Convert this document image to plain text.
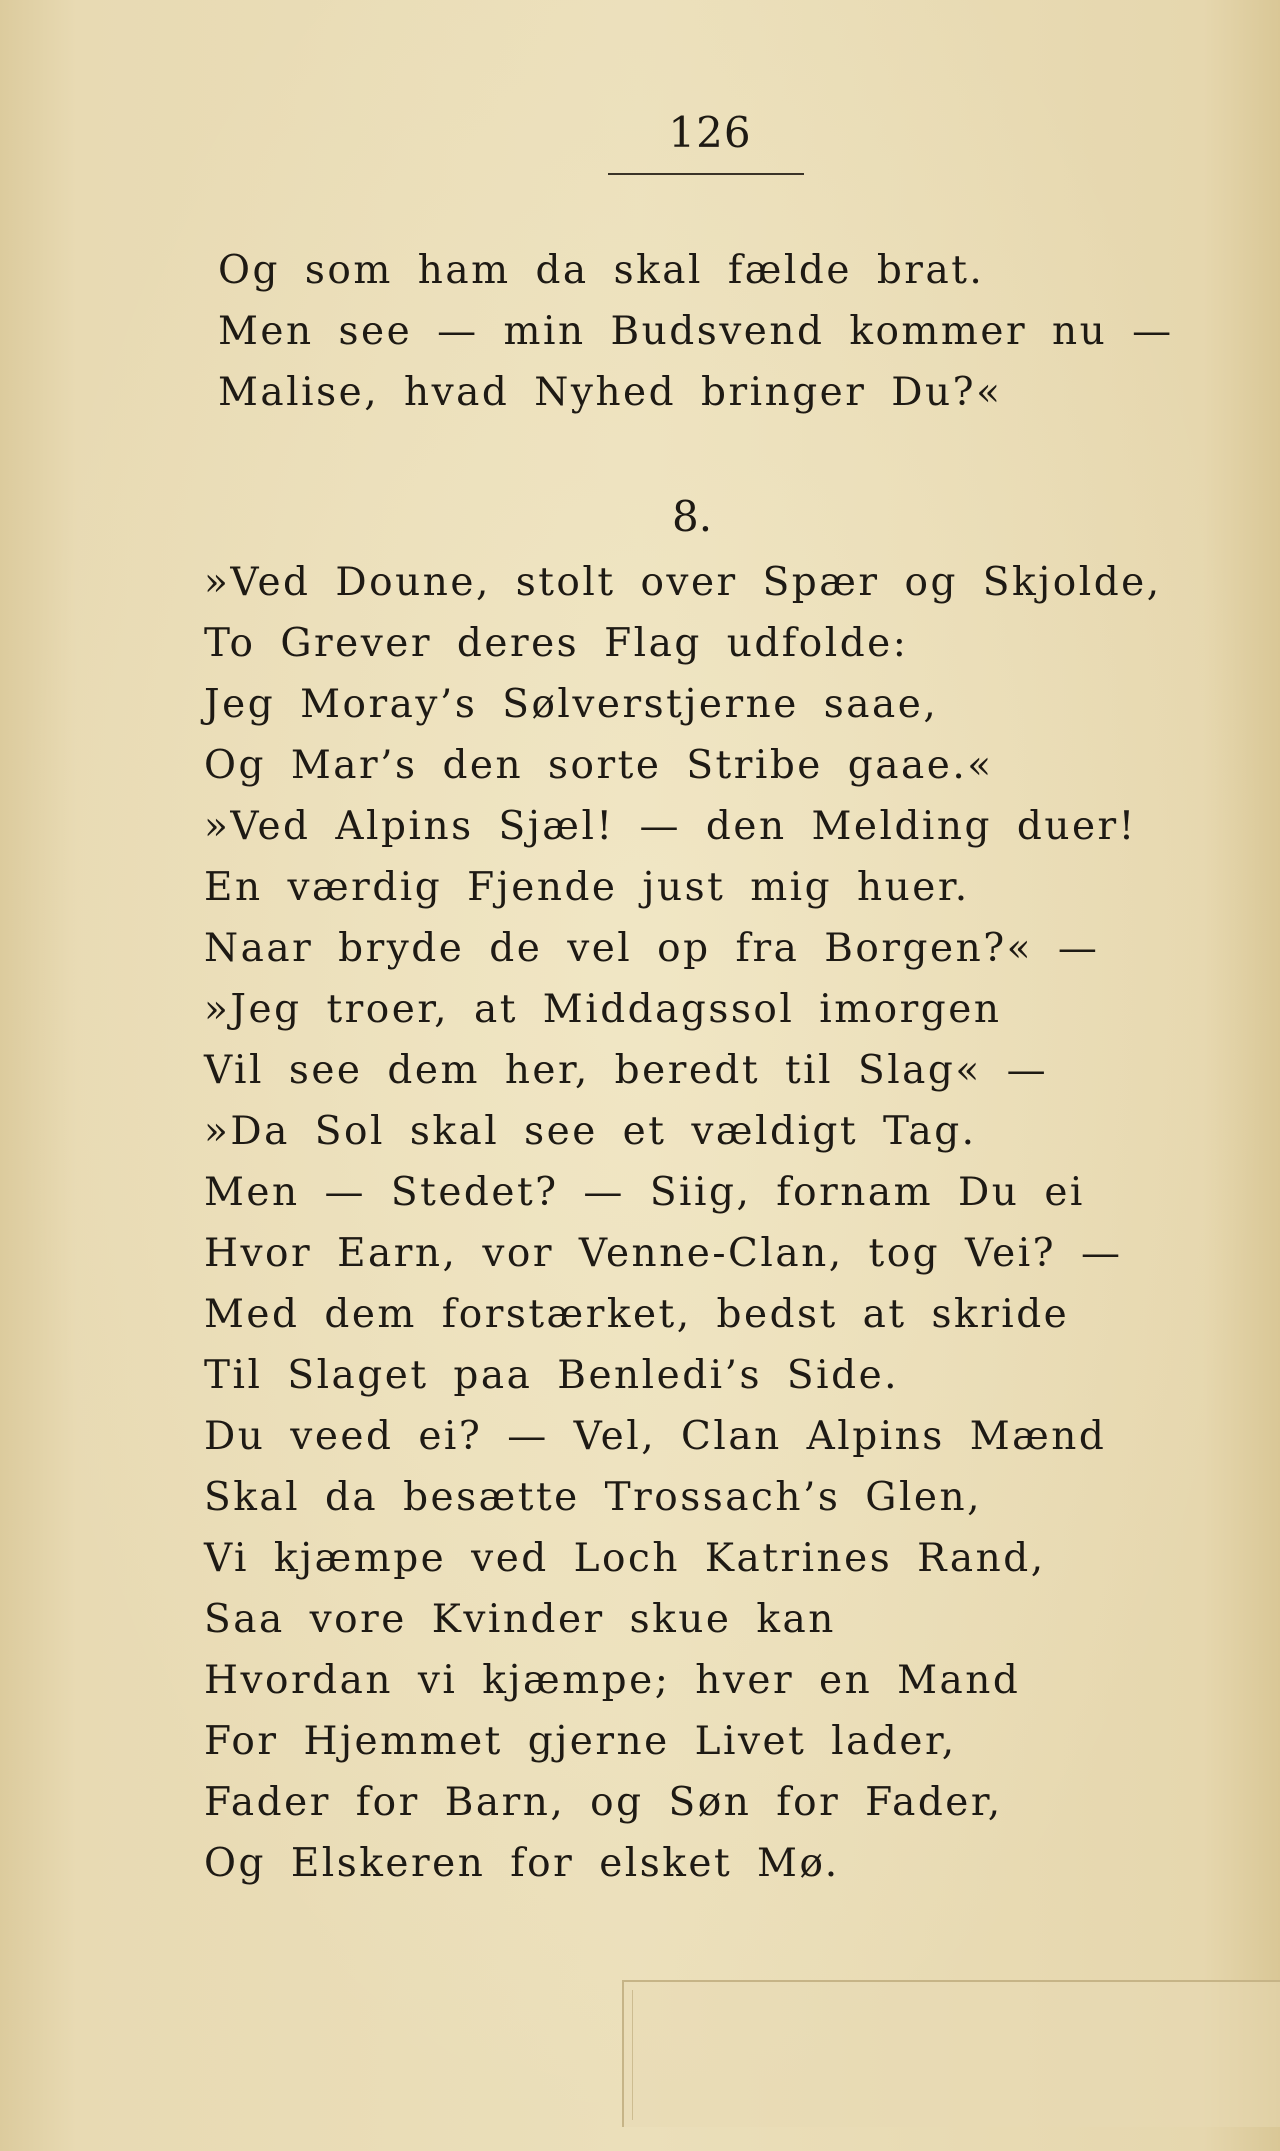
126
Og som ham da skal fælde brat.
Men see — min Budsvend kommer nu —
Malise, hvad Nyhed bringer Du?«
8.
»Ved Doune, stolt over Spær og Skjolde,
To Grever deres Flag udfolde:
Jeg Moray’s Sølverstjerne saae,
Og Mar’s den sorte Stribe gaae.«
»Ved Alpins Sjæl! — den Melding duer!
En værdig Fjende just mig huer.
Naar bryde de vel op fra Borgen?« —
»Jeg troer, at Middagssol imorgen
Vil see dem her, beredt til Slag« —
»Da Sol skal see et vældigt Tag.
Men — Stedet? — Siig, fornam Du ei
Hvor Earn, vor Venne-Clan, tog Vei? —
Med dem forstærket, bedst at skride
Til Slaget paa Benledi’s Side.
Du veed ei? — Vel, Clan Alpins Mænd
Skal da besætte Trossach’s Glen,
Vi kjæmpe ved Loch Katrines Rand,
Saa vore Kvinder skue kan
Hvordan vi kjæmpe; hver en Mand
For Hjemmet gjerne Livet lader,
Fader for Barn, og Søn for Fader,
Og Elskeren for elsket Mø.
